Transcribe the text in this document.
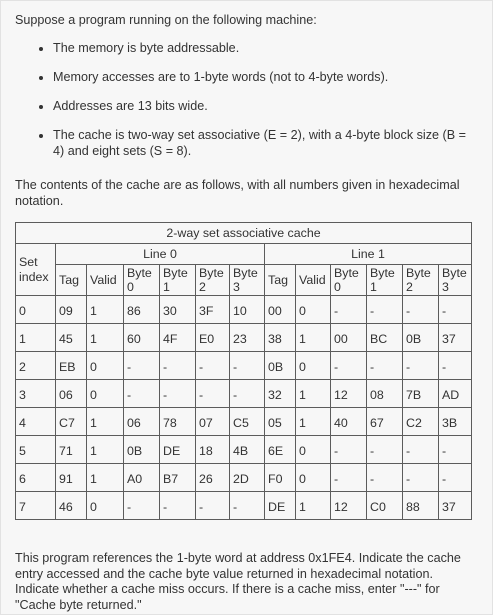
Suppose a program running on the following machine:

• The memory is byte addressable.
• Memory accesses are to 1-byte words (not to 4-byte words).
• Addresses are 13 bits wide.
• The cache is two-way set associative (E = 2), with a 4-byte block size (B = 4) and eight sets (S = 8).

The contents of the cache are as follows, with all numbers given in hexadecimal notation.

2-way set associative cache												
Set index	Line 0						Line 1					
	Tag	Valid	Byte 0	Byte 1	Byte 2	Byte 3	Tag	Valid	Byte 0	Byte 1	Byte 2	Byte 3
0	09	1	86	30	3F	10	00	0	-	-	-	-
1	45	1	60	4F	E0	23	38	1	00	BC	0B	37
2	EB	0	-	-	-	-	0B	0	-	-	-	-
3	06	0	-	-	-	-	32	1	12	08	7B	AD
4	C7	1	06	78	07	C5	05	1	40	67	C2	3B
5	71	1	0B	DE	18	4B	6E	0	-	-	-	-
6	91	1	A0	B7	26	2D	F0	0	-	-	-	-
7	46	0	-	-	-	-	DE	1	12	C0	88	37

This program references the 1-byte word at address 0x1FE4. Indicate the cache entry accessed and the cache byte value returned in hexadecimal notation. Indicate whether a cache miss occurs. If there is a cache miss, enter "---" for "Cache byte returned."
